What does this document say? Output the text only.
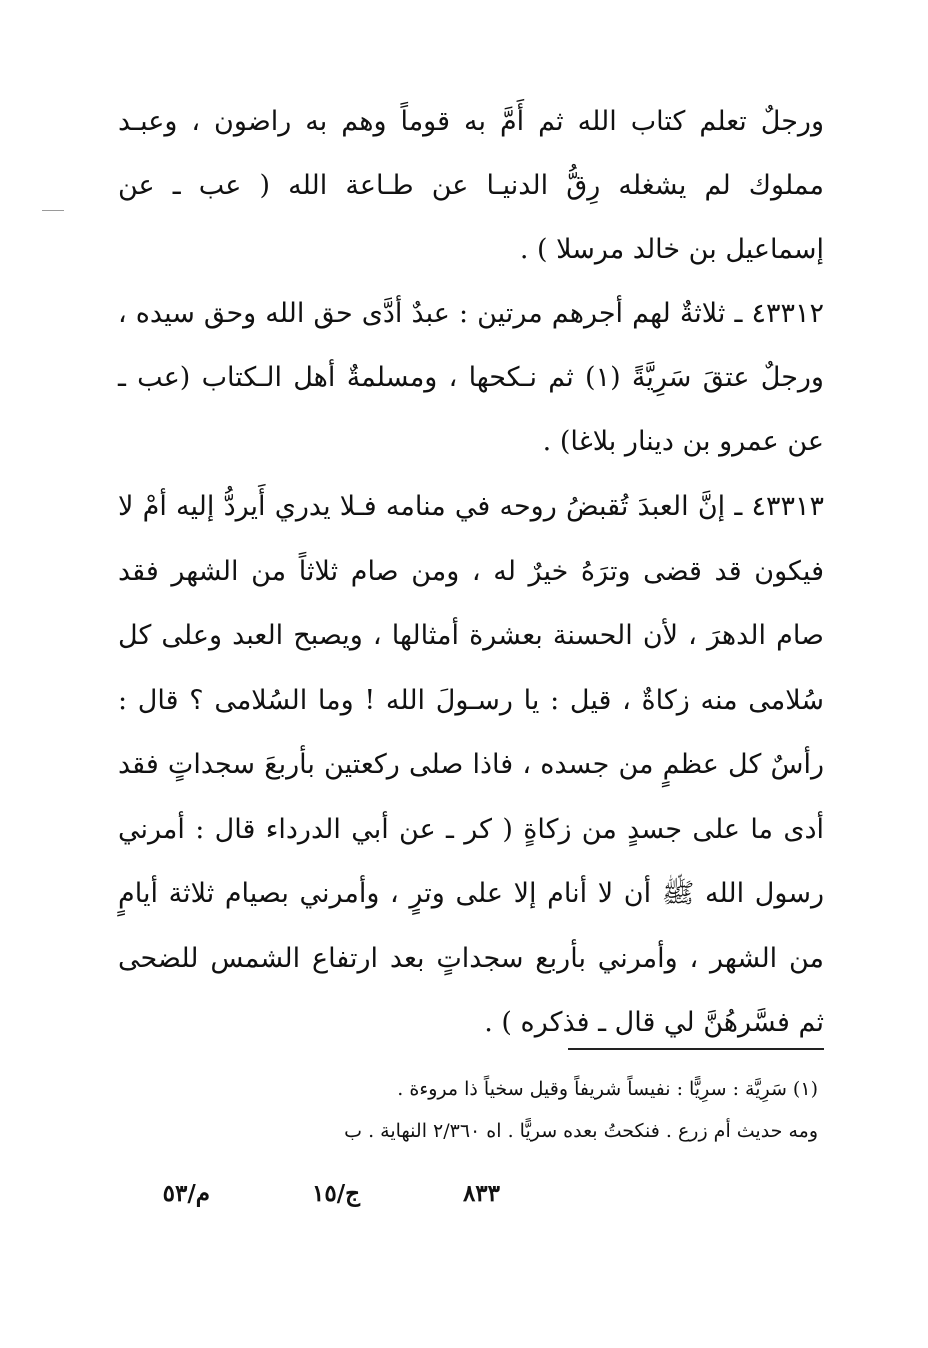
ورجلٌ تعلم كتاب الله ثم أَمَّ به قوماً وهم به راضون ، وعبـد مملوك لم يشغله رِقُّ الدنيـا عن طـاعة الله ( عب ـ عن إسماعيل بن خالد مرسلا ) .

٤٣٣١٢ ـ ثلاثةٌ لهم أجرهم مرتين : عبدٌ أدَّى حق الله وحق سيده ، ورجلٌ عتقَ سَرِيَّةً (١) ثم نـكحها ، ومسلمةٌ أهل الـكتاب (عب ـ عن عمرو بن دينار بلاغا) .

٤٣٣١٣ ـ إنَّ العبدَ تُقبضُ روحه في منامه فـلا يدري أَيردُّ إليه أمْ لا فيكون قد قضى وترَهُ خيرٌ له ، ومن صام ثلاثاً من الشهر فقد صام الدهرَ ، لأن الحسنة بعشرة أمثالها ، ويصبح العبد وعلى كل سُلامى منه زكاةٌ ، قيل : يا رسـولَ الله ! وما السُلامى ؟ قال : رأسٌ كل عظمٍ من جسده ، فاذا صلى ركعتين بأربعَ سجداتٍ فقد أدى ما على جسدٍ من زكاةٍ ( كر ـ عن أبي الدرداء قال : أمرني رسول الله ﷺ أن لا أنام إلا على وترٍ ، وأمرني بصيام ثلاثة أيامٍ من الشهر ، وأمرني بأربع سجداتٍ بعد ارتفاع الشمس للضحى ثم فسَّرهُنَّ لي قال ـ فذكره ) .

(١) سَرِيَّة : سرِيًّا : نفيساً شريفاً وقيل سخياً ذا مروءة .

ومه حديث أم زرع . فنكحتُ بعده سريًّا . اه ٢/٣٦٠ النهاية . ب

٨٣٣
ج/١٥
م/٥٣
